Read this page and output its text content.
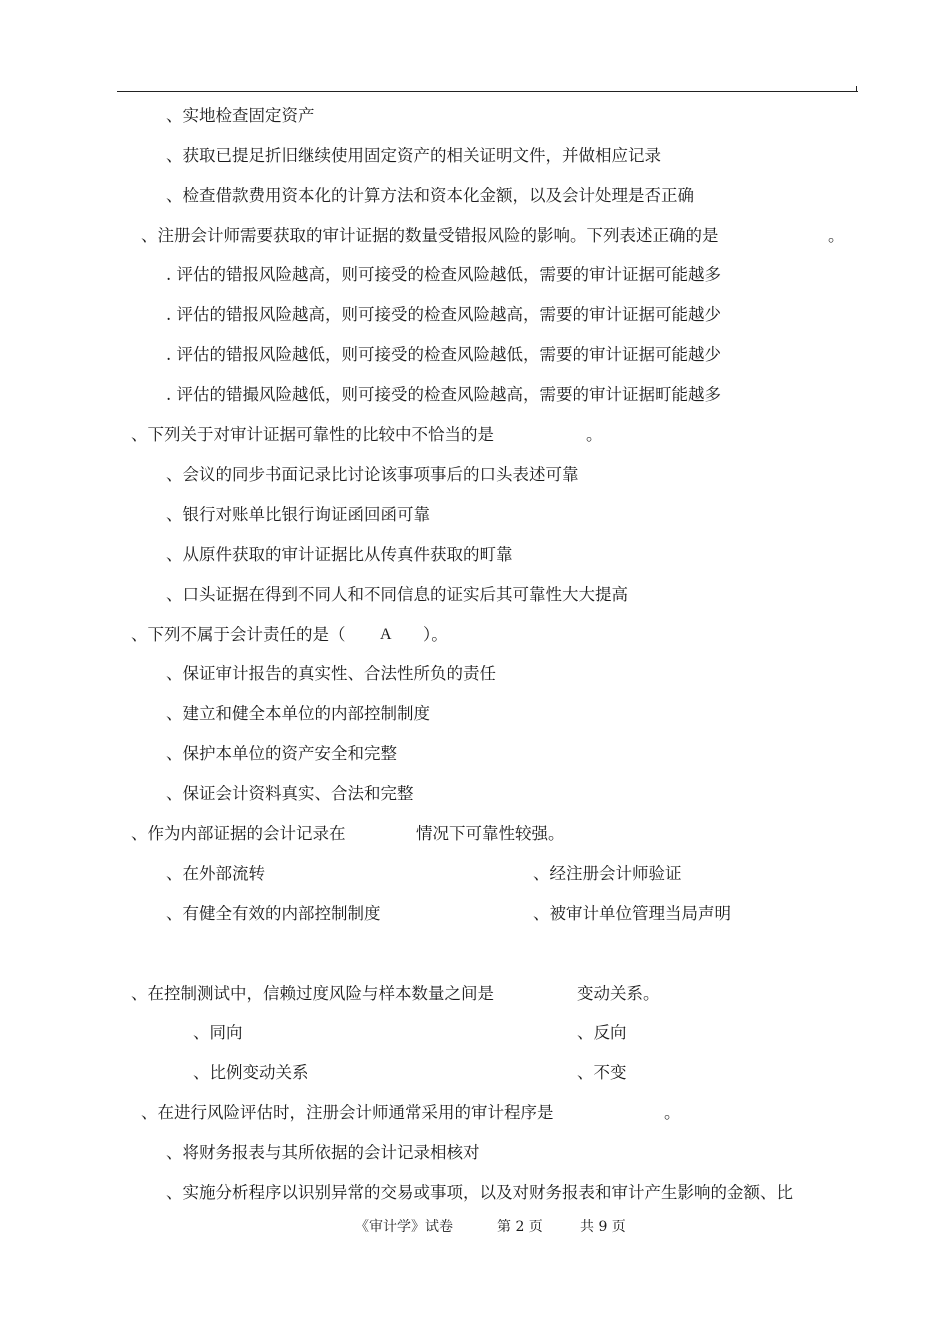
、实地检查固定资产
、获取已提足折旧继续使用固定资产的相关证明文件，并做相应记录
、检查借款费用资本化的计算方法和资本化金额，以及会计处理是否正确
、注册会计师需要获取的审计证据的数量受错报风险的影响。下列表述正确的是	。
. 评估的错报风险越高，则可接受的检查风险越低，需要的审计证据可能越多
. 评估的错报风险越高，则可接受的检查风险越高，需要的审计证据可能越少
. 评估的错报风险越低，则可接受的检查风险越低，需要的审计证据可能越少
. 评估的错撮风险越低，则可接受的检查风险越高，需要的审计证据町能越多
、下列关于对审计证据可靠性的比较中不恰当的是	。
、会议的同步书面记录比讨论该事项事后的口头表述可靠
、银行对账单比银行询证函回函可靠
、从原件获取的审计证据比从传真件获取的町靠
、口头证据在得到不同人和不同信息的证实后其可靠性大大提高
、下列不属于会计责任的是（ A ）。
、保证审计报告的真实性、合法性所负的责任
、建立和健全本单位的内部控制制度
、保护本单位的资产安全和完整
、保证会计资料真实、合法和完整
、作为内部证据的会计记录在	情况下可靠性较强。
、在外部流转	、经注册会计师验证
、有健全有效的内部控制制度	、被审计单位管理当局声明
、在控制测试中，信赖过度风险与样本数量之间是	变动关系。
、同向	、反向
、比例变动关系	、不变
、在进行风险评估时，注册会计师通常采用的审计程序是	。
、将财务报表与其所依据的会计记录相核对
、实施分析程序以识别异常的交易或事项，以及对财务报表和审计产生影响的金额、比
《审计学》试卷	第 2 页	共 9 页
